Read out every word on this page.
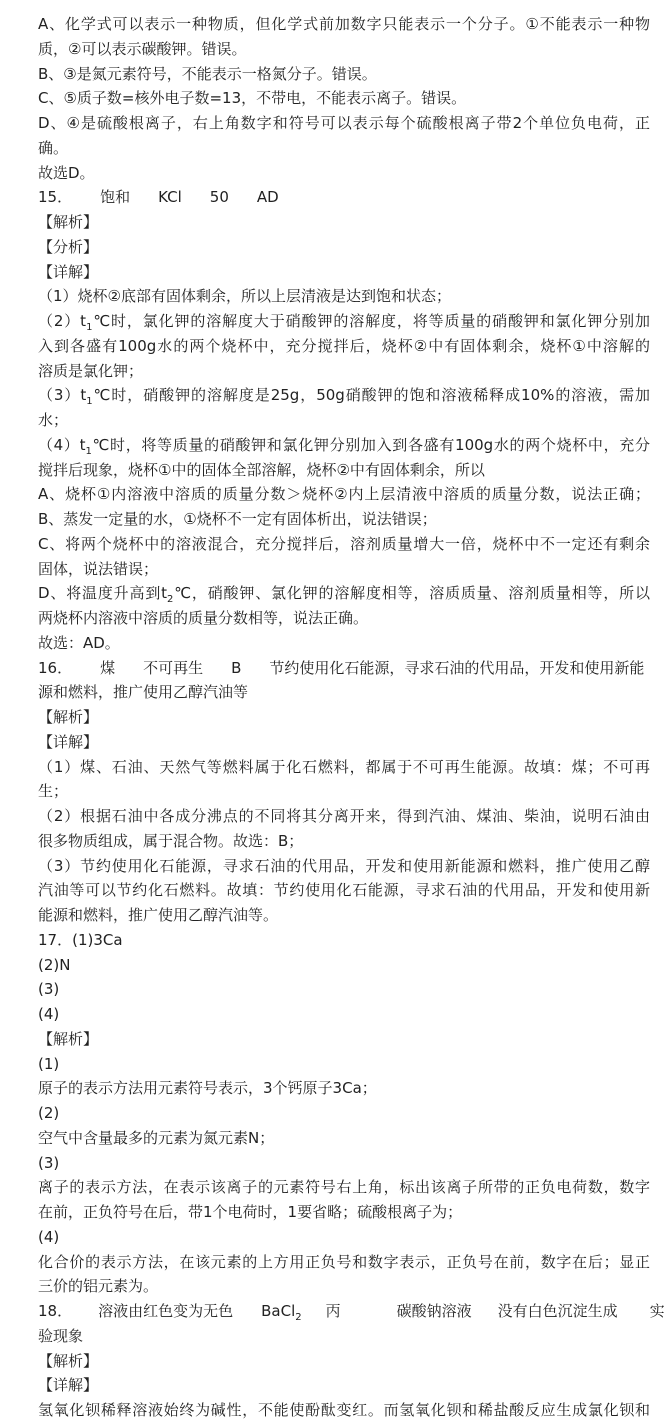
A、化学式可以表示一种物质，但化学式前加数字只能表示一个分子。①不能表示一种物
质，②可以表示碳酸钾。错误。
B、③是氮元素符号，不能表示一格氮分子。错误。
C、⑤质子数=核外电子数=13，不带电，不能表示离子。错误。
D、④是硫酸根离子，右上角数字和符号可以表示每个硫酸根离子带2个单位负电荷，正
确。
故选D。
15． 饱和 KCl 50 AD
【解析】
【分析】
【详解】
（1）烧杯②底部有固体剩余，所以上层清液是达到饱和状态；
$(2)t_1℃$时，氯化钾的溶解度大于硝酸钾的溶解度，将等质量的硝酸钾和氯化钾分别加
入到各盛有100g水的两个烧杯中，充分搅拌后，烧杯②中有固体剩余，烧杯①中溶解的
溶质是氯化钾；
$(3)t_1℃$时，硝酸钾的溶解度是25g，50g硝酸钾的饱和溶液稀释成10%的溶液，需加
水；
$(4)t_1℃$时，将等质量的硝酸钾和氯化钾分别加入到各盛有100g水的两个烧杯中，充分
搅拌后现象，烧杯①中的固体全部溶解，烧杯②中有固体剩余，所以
A、烧杯①内溶液中溶质的质量分数＞烧杯②内上层清液中溶质的质量分数，说法正确；
B、蒸发一定量的水，①烧杯不一定有固体析出，说法错误；
C、将两个烧杯中的溶液混合，充分搅拌后，溶剂质量增大一倍，烧杯中不一定还有剩余
固体，说法错误；
D、将温度升高到$t_2℃$，硝酸钾、氯化钾的溶解度相等，溶质质量、溶剂质量相等，所以
两烧杯内溶液中溶质的质量分数相等，说法正确。
故选：AD。
16． 煤 不可再生 B 节约使用化石能源，寻求石油的代用品，开发和使用新能
源和燃料，推广使用乙醇汽油等
【解析】
【详解】
（1）煤、石油、天然气等燃料属于化石燃料，都属于不可再生能源。故填：煤；不可再
生；
（2）根据石油中各成分沸点的不同将其分离开来，得到汽油、煤油、柴油，说明石油由
很多物质组成，属于混合物。故选：B；
（3）节约使用化石能源，寻求石油的代用品，开发和使用新能源和燃料，推广使用乙醇
汽油等可以节约化石燃料。故填：节约使用化石能源，寻求石油的代用品，开发和使用新
能源和燃料，推广使用乙醇汽油等。
17．(1)3Ca
(2)N
(3)
(4)
【解析】
(1)
原子的表示方法用元素符号表示，3个钙原子3Ca；
(2)
空气中含量最多的元素为氮元素N；
(3)
离子的表示方法，在表示该离子的元素符号右上角，标出该离子所带的正负电荷数，数字
在前，正负符号在后，带1个电荷时，1要省略；硫酸根离子为；
(4)
化合价的表示方法，在该元素的上方用正负号和数字表示，正负号在前，数字在后；显正
三价的铝元素为。
18． 溶液由红色变为无色 BaCl$_2$ 丙	碳酸钠溶液 没有白色沉淀生成 实
验现象
【解析】
【详解】
氢氧化钡稀释溶液始终为碱性，不能使酚酞变红。而氢氧化钡和稀盐酸反应生成氯化钡和
